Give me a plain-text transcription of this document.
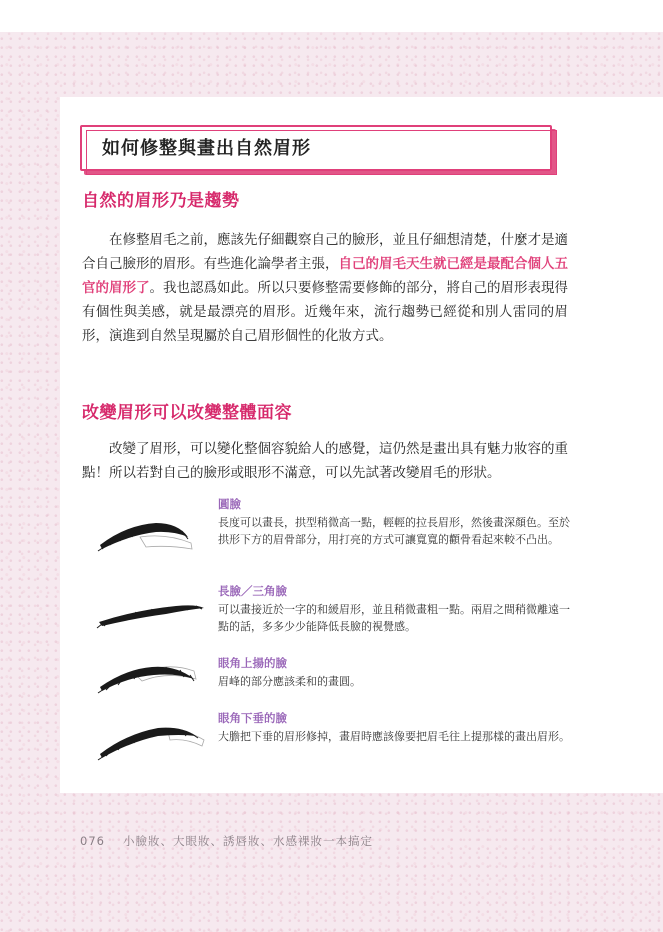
如何修整與畫出自然眉形
自然的眉形乃是趨勢
在修整眉毛之前，應該先仔細觀察自己的臉形，並且仔細想清楚，什麼才是適合自己臉形的眉形。有些進化論學者主張，自己的眉毛天生就已經是最配合個人五官的眉形了。我也認爲如此。所以只要修整需要修飾的部分，將自己的眉形表現得有個性與美感，就是最漂亮的眉形。近幾年來，流行趨勢已經從和別人雷同的眉形，演進到自然呈現屬於自己眉形個性的化妝方式。
改變眉形可以改變整體面容
改變了眉形，可以變化整個容貌給人的感覺，這仍然是畫出具有魅力妝容的重點！所以若對自己的臉形或眼形不滿意，可以先試著改變眉毛的形狀。
圓臉
長度可以畫長，拱型稍微高一點，輕輕的拉長眉形，然後畫深顏色。至於拱形下方的眉骨部分，用打亮的方式可讓寬寬的顴骨看起來較不凸出。
長臉／三角臉
可以畫接近於一字的和緩眉形，並且稍微畫粗一點。兩眉之間稍微離遠一點的話，多多少少能降低長臉的視覺感。
眼角上揚的臉
眉峰的部分應該柔和的畫圓。
眼角下垂的臉
大膽把下垂的眉形修掉，畫眉時應該像要把眉毛往上提那樣的畫出眉形。
076 小臉妝、大眼妝、誘唇妝、水感裸妝一本搞定
